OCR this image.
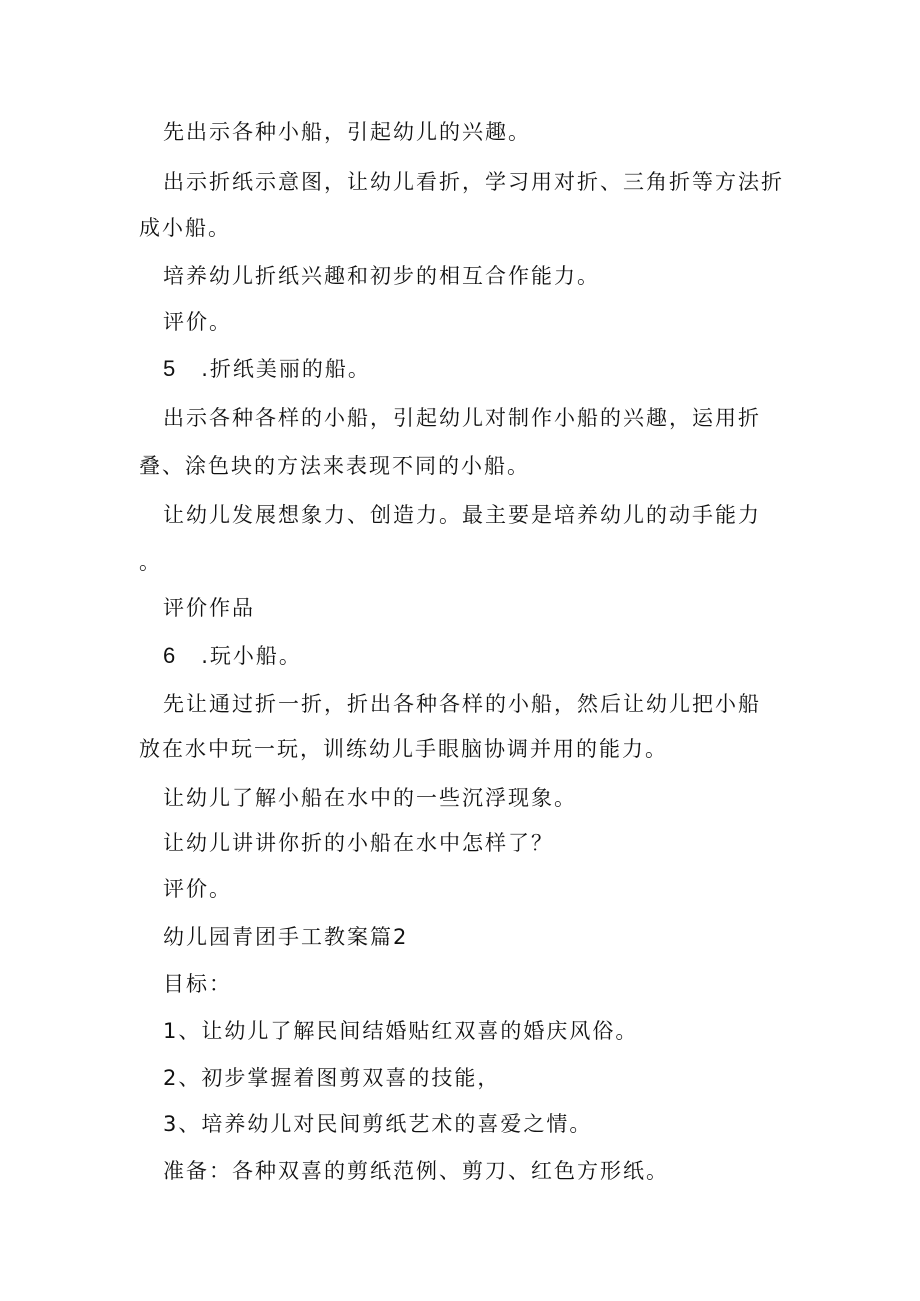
先出示各种小船，引起幼儿的兴趣。
出示折纸示意图，让幼儿看折，学习用对折、三角折等方法折
成小船。
培养幼儿折纸兴趣和初步的相互合作能力。
评价。
5 .折纸美丽的船。
出示各种各样的小船，引起幼儿对制作小船的兴趣，运用折
叠、涂色块的方法来表现不同的小船。
让幼儿发展想象力、创造力。最主要是培养幼儿的动手能力
。
评价作品
6 .玩小船。
先让通过折一折，折出各种各样的小船，然后让幼儿把小船
放在水中玩一玩，训练幼儿手眼脑协调并用的能力。
让幼儿了解小船在水中的一些沉浮现象。
让幼儿讲讲你折的小船在水中怎样了？
评价。
幼儿园青团手工教案篇2
目标：
1、让幼儿了解民间结婚贴红双喜的婚庆风俗。
2、初步掌握着图剪双喜的技能，
3、培养幼儿对民间剪纸艺术的喜爱之情。
准备：各种双喜的剪纸范例、剪刀、红色方形纸。
